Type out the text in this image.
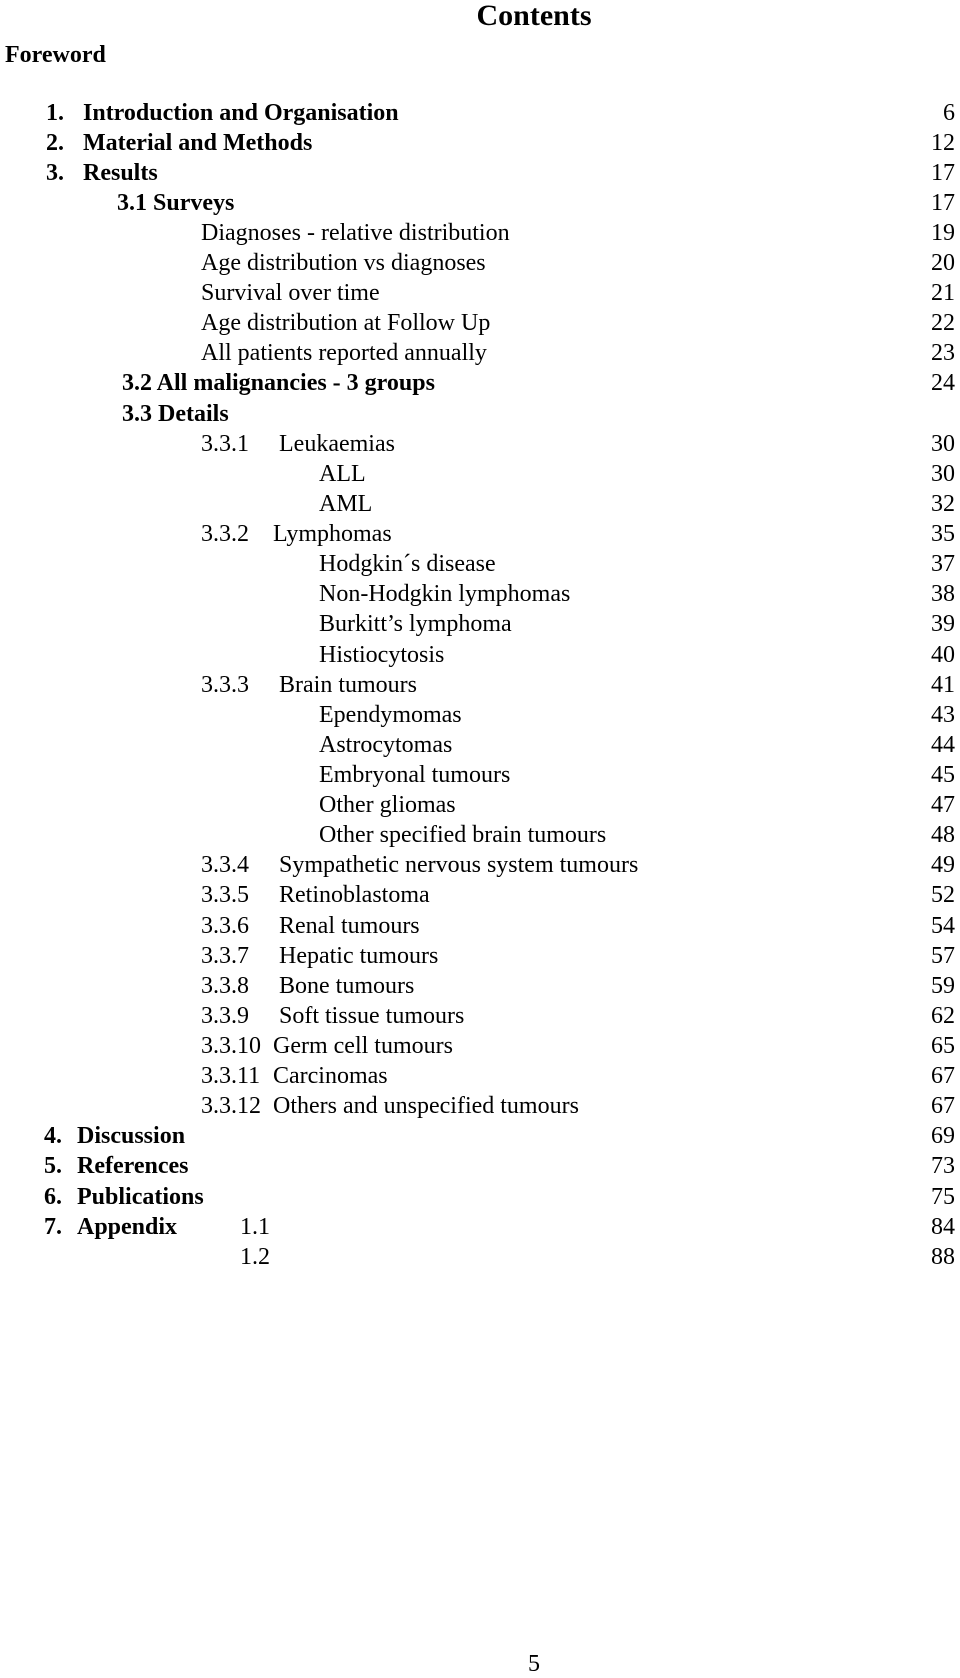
Contents
Foreword
1. Introduction and Organisation	6
2. Material and Methods	12
3. Results	17
3.1 Surveys	17
Diagnoses - relative distribution	19
Age distribution vs diagnoses	20
Survival over time	21
Age distribution at Follow Up	22
All patients reported annually	23
3.2 All malignancies - 3 groups	24
3.3 Details
3.3.1 Leukaemias	30
ALL	30
AML	32
3.3.2 Lymphomas	35
Hodgkin´s disease	37
Non-Hodgkin lymphomas	38
Burkitt’s lymphoma	39
Histiocytosis	40
3.3.3 Brain tumours	41
Ependymomas	43
Astrocytomas	44
Embryonal tumours	45
Other gliomas	47
Other specified brain tumours	48
3.3.4 Sympathetic nervous system tumours	49
3.3.5 Retinoblastoma	52
3.3.6 Renal tumours	54
3.3.7 Hepatic tumours	57
3.3.8 Bone tumours	59
3.3.9 Soft tissue tumours	62
3.3.10 Germ cell tumours	65
3.3.11 Carcinomas	67
3.3.12 Others and unspecified tumours	67
4. Discussion	69
5. References	73
6. Publications	75
7. Appendix	1.1	84
1.2	88
5
